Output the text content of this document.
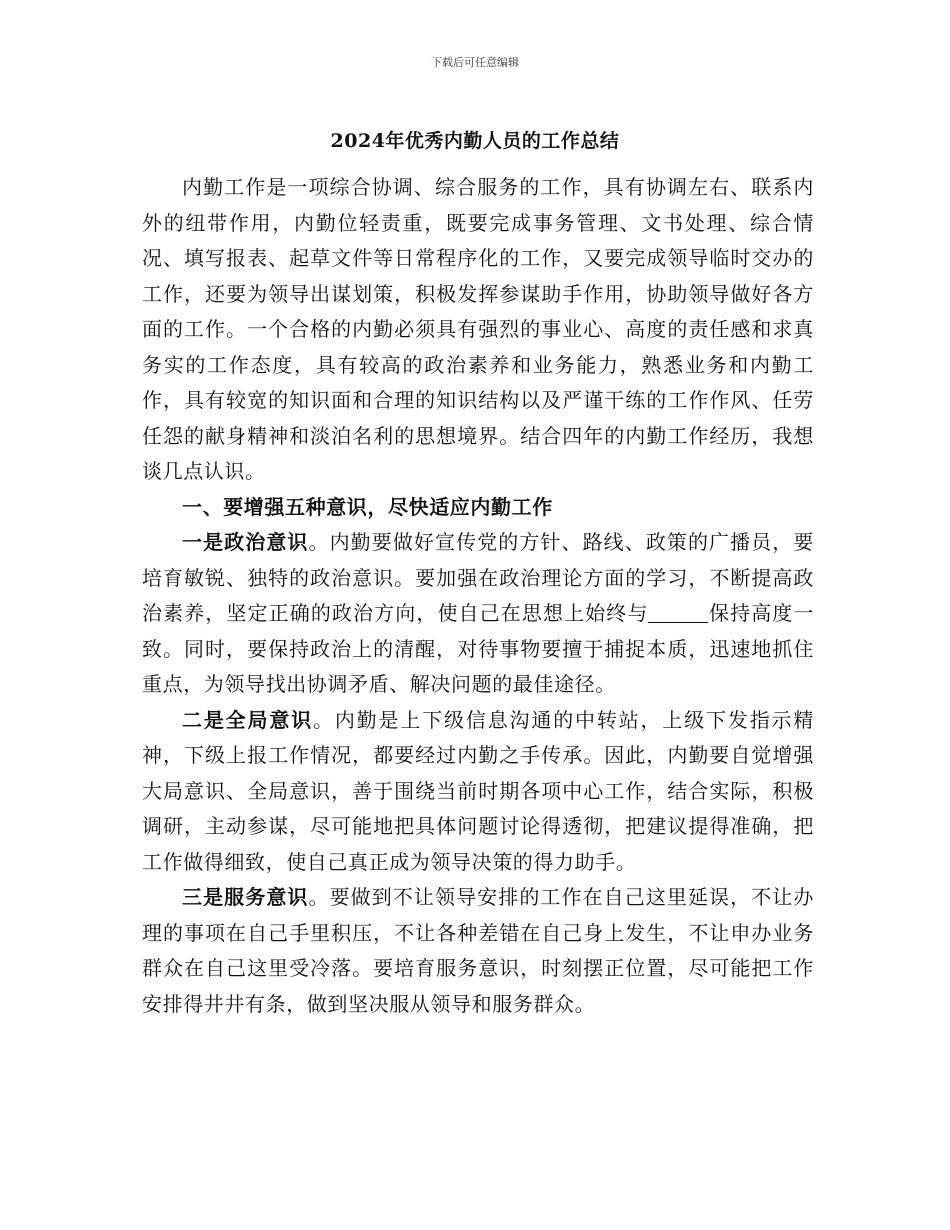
下载后可任意编辑
2024年优秀内勤人员的工作总结

内勤工作是一项综合协调、综合服务的工作，具有协调左右、联系内外的纽带作用，内勤位轻责重，既要完成事务管理、文书处理、综合情况、填写报表、起草文件等日常程序化的工作，又要完成领导临时交办的工作，还要为领导出谋划策，积极发挥参谋助手作用，协助领导做好各方面的工作。一个合格的内勤必须具有强烈的事业心、高度的责任感和求真务实的工作态度，具有较高的政治素养和业务能力，熟悉业务和内勤工作，具有较宽的知识面和合理的知识结构以及严谨干练的工作作风、任劳任怨的献身精神和淡泊名利的思想境界。结合四年的内勤工作经历，我想谈几点认识。

一、要增强五种意识，尽快适应内勤工作

一是政治意识。内勤要做好宣传党的方针、路线、政策的广播员，要培育敏锐、独特的政治意识。要加强在政治理论方面的学习，不断提高政治素养，坚定正确的政治方向，使自己在思想上始终与	保持高度一致。同时，要保持政治上的清醒，对待事物要擅于捕捉本质，迅速地抓住重点，为领导找出协调矛盾、解决问题的最佳途径。

二是全局意识。内勤是上下级信息沟通的中转站，上级下发指示精神，下级上报工作情况，都要经过内勤之手传承。因此，内勤要自觉增强大局意识、全局意识，善于围绕当前时期各项中心工作，结合实际，积极调研，主动参谋，尽可能地把具体问题讨论得透彻，把建议提得准确，把工作做得细致，使自己真正成为领导决策的得力助手。

三是服务意识。要做到不让领导安排的工作在自己这里延误，不让办理的事项在自己手里积压，不让各种差错在自己身上发生，不让申办业务群众在自己这里受冷落。要培育服务意识，时刻摆正位置，尽可能把工作安排得井井有条，做到坚决服从领导和服务群众。
